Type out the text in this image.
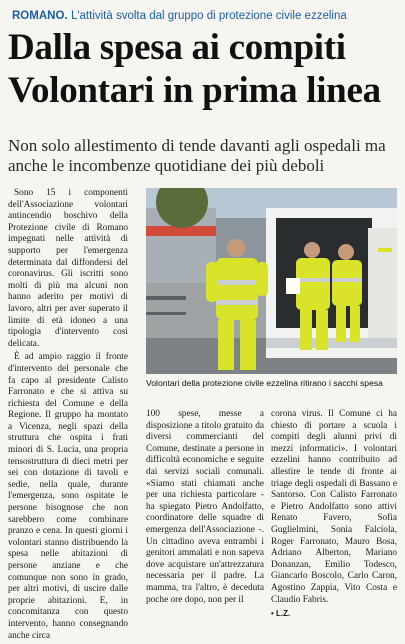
ROMANO. L'attività svolta dal gruppo di protezione civile ezzelina
Dalla spesa ai compiti
Volontari in prima linea
Non solo allestimento di tende davanti agli ospedali ma anche le incombenze quotidiane dei più deboli

Sono 15 i componenti dell'Associazione volontari antincendio boschivo della Protezione civile di Romano impegnati nelle attività di supporto per l'emergenza determinata dal diffondersi del coronavirus. Gli iscritti sono molti di più ma alcuni non hanno aderito per motivi di lavoro, altri per aver superato il limite di età idoneo a una tipologia d'intervento così delicata.

È ad ampio raggio il fronte d'intervento del personale che fa capo al presidente Calisto Farronato e che si attiva su richiesta del Comune e della Regione. Il gruppo ha montato a Vicenza, negli spazi della struttura che ospita i frati minori di S. Lucia, una propria tensostruttura di dieci metri per sei con dotazione di tavoli e sedie, nella quale, durante l'emergenza, sono ospitate le persone bisognose che non sarebbero come combinare pranzo e cena. In questi giorni i volontari stanno distribuendo la spesa nelle abitazioni di persone anziane e che comunque non sono in grado, per altri motivi, di uscire dalle proprie abitazioni. E, in concomitanza con questo intervento, hanno consegnando anche circa

Volontari della protezione civile ezzelina ritirano i sacchi spesa

100 spese, messe a disposizione a titolo gratuito da diversi commercianti del Comune, destinate a persone in difficoltà economiche e seguite dai servizi sociali comunali. «Siamo stati chiamati anche per una richiesta particolare - ha spiegato Pietro Andolfatto, coordinatore delle squadre di emergenza dell'Associazione -. Un cittadino aveva entrambi i genitori ammalati e non sapeva dove acquistare un'attrezzatura necessaria per il padre. La mamma, tra l'altro, è deceduta poche ore dopo, non per il

corona virus. Il Comune ci ha chiesto di portare a scuola i compiti degli alunni privi di mezzi informatici». I volontari ezzelini hanno contribuito ad allestire le tende di fronte ai triage degli ospedali di Bassano e Santorso. Con Calisto Farronato e Pietro Andolfatto sono attivi Renato Favero, Sofia Guglielmini, Sonia Falcíola, Roger Farronato, Mauro Bosa, Adriano Alberton, Mariano Donanzan, Emilio Todesco, Giancarlo Boscolo, Carlo Caron, Agostino Zappia, Vito Costa e Claudio Fabris.

• L.Z.
